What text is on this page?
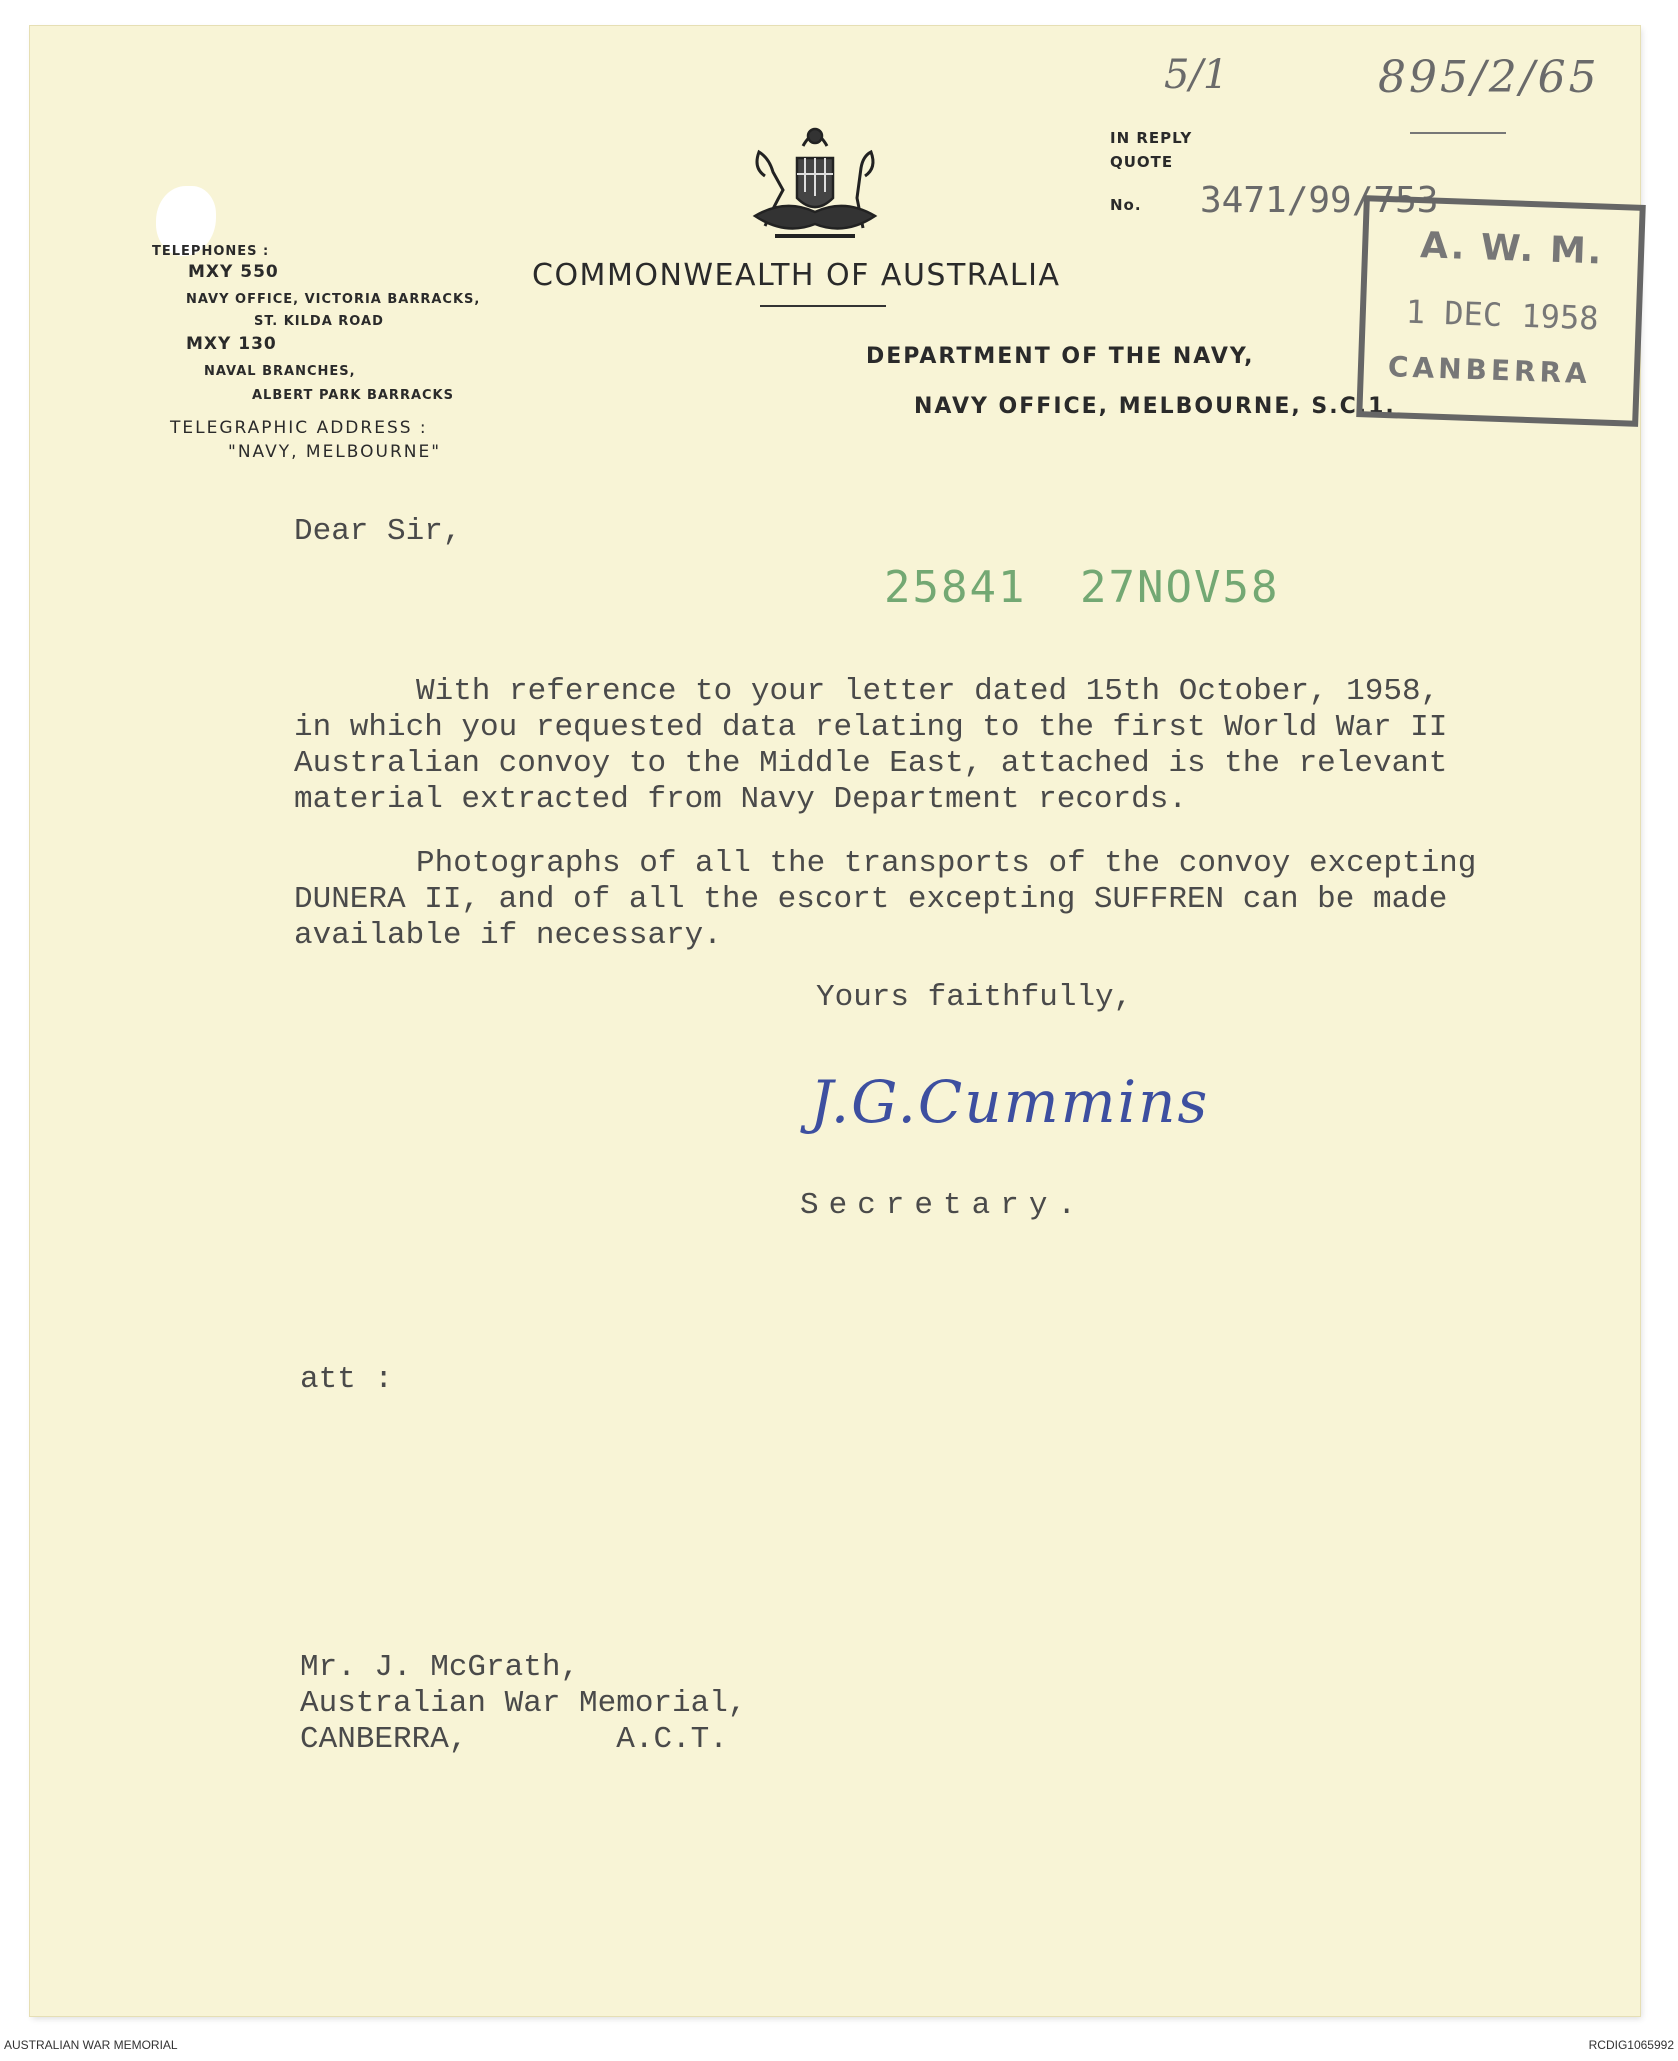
5/1	895/2/65
TELEPHONES :
MXY 550
NAVY OFFICE, VICTORIA BARRACKS,
ST. KILDA ROAD
MXY 130
NAVAL BRANCHES,
ALBERT PARK BARRACKS
TELEGRAPHIC ADDRESS :
"NAVY, MELBOURNE"
COMMONWEALTH OF AUSTRALIA
DEPARTMENT OF THE NAVY,
NAVY OFFICE, MELBOURNE, S.C.1.
IN REPLY
QUOTE
No. 3471/99/753
A. W. M.
1 DEC 1958
CANBERRA
Dear Sir,
25841 27NOV58
With reference to your letter dated 15th October, 1958,
in which you requested data relating to the first World War II
Australian convoy to the Middle East, attached is the relevant
material extracted from Navy Department records.
Photographs of all the transports of the convoy excepting
DUNERA II, and of all the escort excepting SUFFREN can be made
available if necessary.
Yours faithfully,
J.G.Cummins
Secretary.
att :
Mr. J. McGrath,
Australian War Memorial,
CANBERRA,        A.C.T.
AUSTRALIAN WAR MEMORIAL	RCDIG1065992
